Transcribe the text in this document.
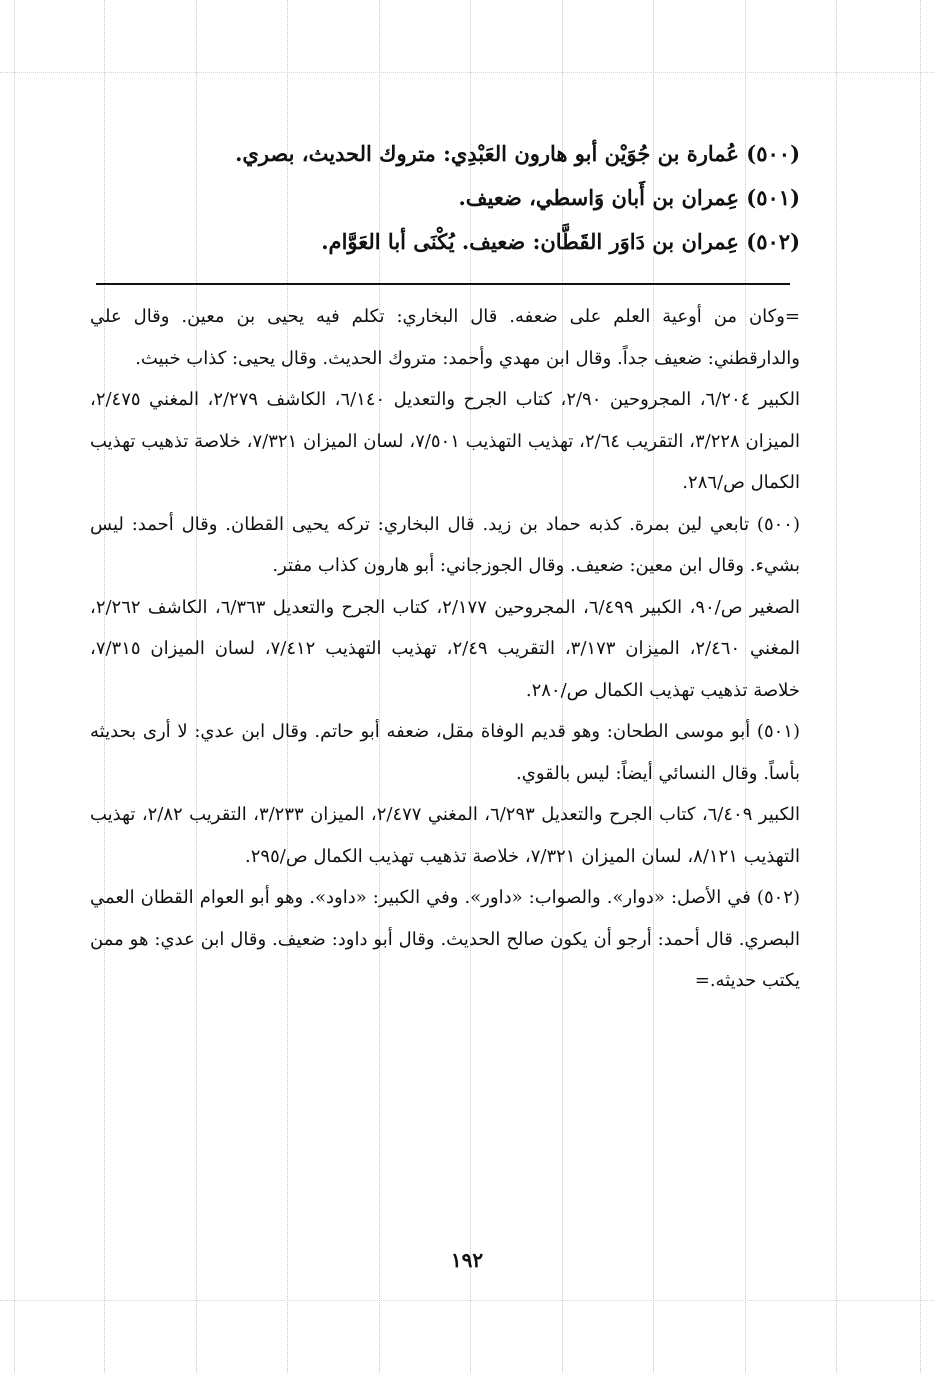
(٥٠٠) عُمارة بن جُوَيْن أبو هارون العَبْدِي: متروك الحديث، بصري.
(٥٠١) عِمران بن أَبان وَاسطي، ضعيف.
(٥٠٢) عِمران بن دَاوَر القَطَّان: ضعيف. يُكْنَى أبا العَوَّام.

=وكان من أوعية العلم على ضعفه. قال البخاري: تكلم فيه يحيى بن معين. وقال علي والدارقطني: ضعيف جداً. وقال ابن مهدي وأحمد: متروك الحديث. وقال يحيى: كذاب خبيث.

الكبير ٦/٢٠٤، المجروحين ٢/٩٠، كتاب الجرح والتعديل ٦/١٤٠، الكاشف ٢/٢٧٩، المغني ٢/٤٧٥، الميزان ٣/٢٢٨، التقريب ٢/٦٤، تهذيب التهذيب ٧/٥٠١، لسان الميزان ٧/٣٢١، خلاصة تذهيب تهذيب الكمال ص/٢٨٦.

(٥٠٠) تابعي لين بمرة. كذبه حماد بن زيد. قال البخاري: تركه يحيى القطان. وقال أحمد: ليس بشيء. وقال ابن معين: ضعيف. وقال الجوزجاني: أبو هارون كذاب مفتر.

الصغير ص/٩٠، الكبير ٦/٤٩٩، المجروحين ٢/١٧٧، كتاب الجرح والتعديل ٦/٣٦٣، الكاشف ٢/٢٦٢، المغني ٢/٤٦٠، الميزان ٣/١٧٣، التقريب ٢/٤٩، تهذيب التهذيب ٧/٤١٢، لسان الميزان ٧/٣١٥، خلاصة تذهيب تهذيب الكمال ص/٢٨٠.

(٥٠١) أبو موسى الطحان: وهو قديم الوفاة مقل، ضعفه أبو حاتم. وقال ابن عدي: لا أرى بحديثه بأساً. وقال النسائي أيضاً: ليس بالقوي.

الكبير ٦/٤٠٩، كتاب الجرح والتعديل ٦/٢٩٣، المغني ٢/٤٧٧، الميزان ٣/٢٣٣، التقريب ٢/٨٢، تهذيب التهذيب ٨/١٢١، لسان الميزان ٧/٣٢١، خلاصة تذهيب تهذيب الكمال ص/٢٩٥.

(٥٠٢) في الأصل: «دوار». والصواب: «داور». وفي الكبير: «داود». وهو أبو العوام القطان العمي البصري. قال أحمد: أرجو أن يكون صالح الحديث. وقال أبو داود: ضعيف. وقال ابن عدي: هو ممن يكتب حديثه.=

١٩٢
